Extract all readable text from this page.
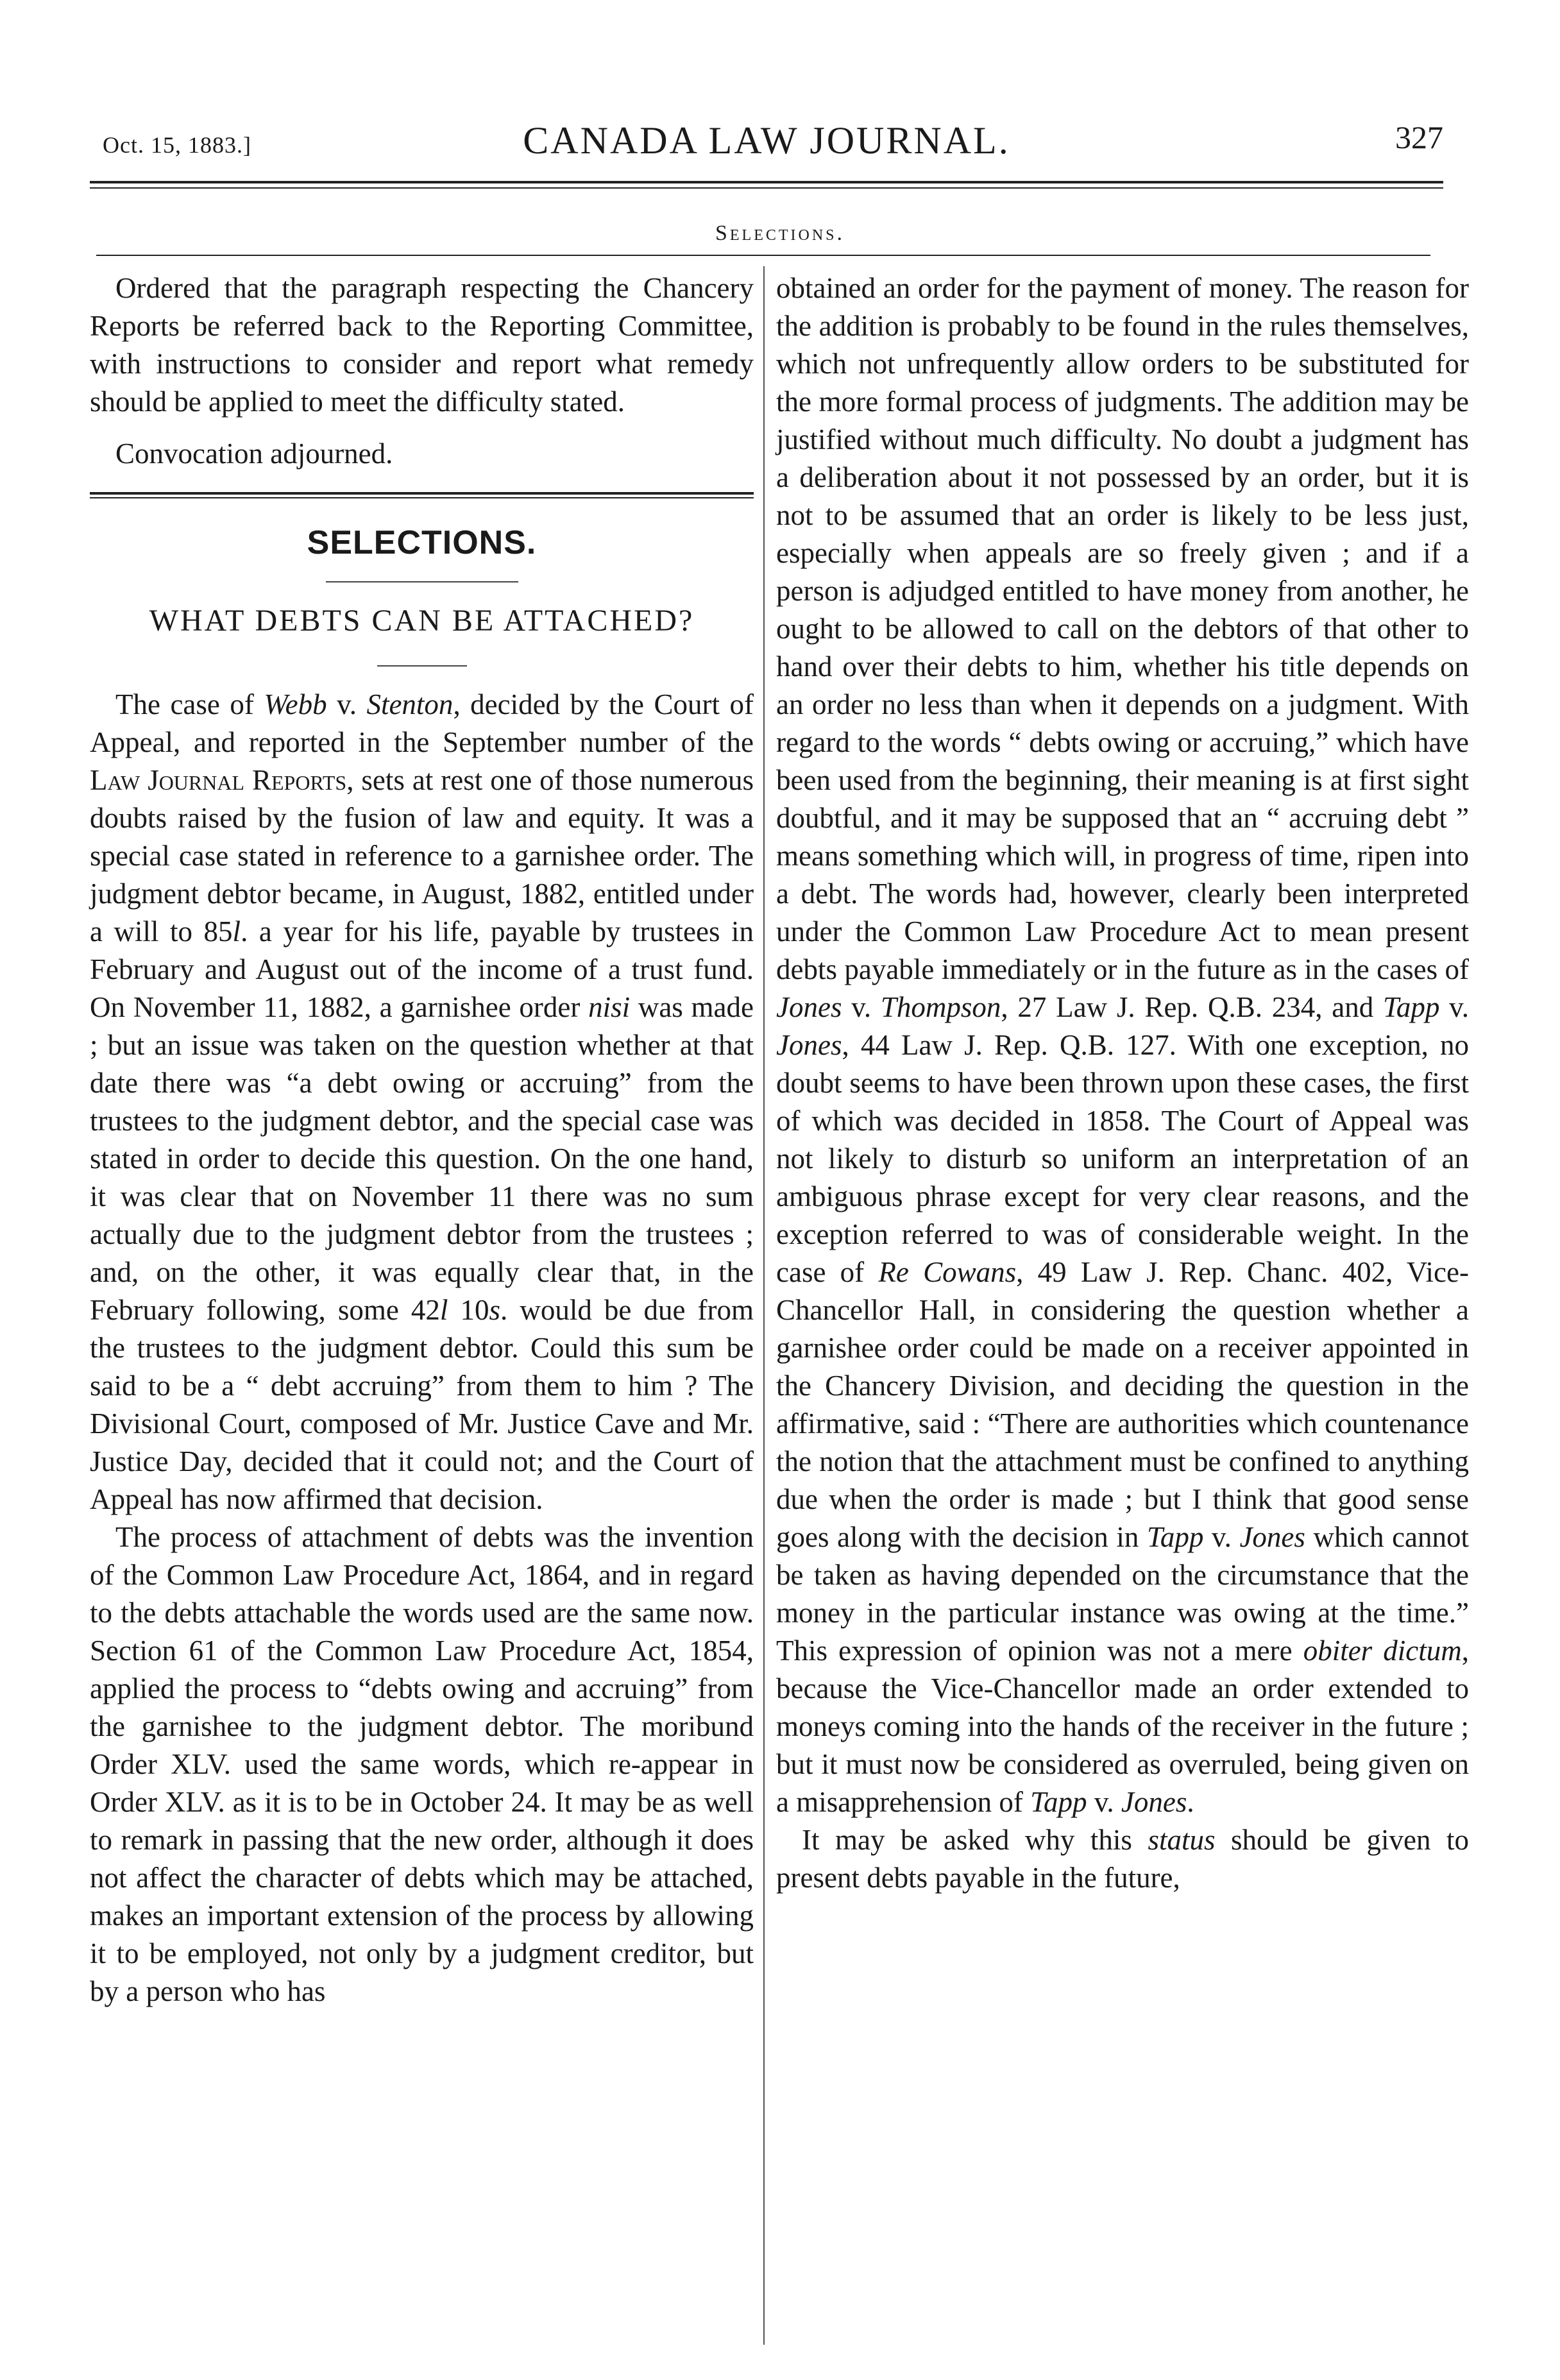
Oct. 15, 1883.]	CANADA LAW JOURNAL.	327
Selections.

Ordered that the paragraph respecting the Chancery Reports be referred back to the Reporting Committee, with instructions to consider and report what remedy should be applied to meet the difficulty stated.

Convocation adjourned.

SELECTIONS.
WHAT DEBTS CAN BE ATTACHED?

The case of Webb v. Stenton, decided by the Court of Appeal, and reported in the September number of the Law Journal Reports, sets at rest one of those numerous doubts raised by the fusion of law and equity. It was a special case stated in reference to a garnishee order. The judgment debtor became, in August, 1882, entitled under a will to 85l. a year for his life, payable by trustees in February and August out of the income of a trust fund. On November 11, 1882, a garnishee order nisi was made ; but an issue was taken on the question whether at that date there was “a debt owing or accruing” from the trustees to the judgment debtor, and the special case was stated in order to decide this question. On the one hand, it was clear that on November 11 there was no sum actually due to the judgment debtor from the trustees ; and, on the other, it was equally clear that, in the February following, some 42l 10s. would be due from the trustees to the judgment debtor. Could this sum be said to be a “ debt accruing” from them to him ? The Divisional Court, composed of Mr. Justice Cave and Mr. Justice Day, decided that it could not; and the Court of Appeal has now affirmed that decision.

The process of attachment of debts was the invention of the Common Law Procedure Act, 1864, and in regard to the debts attachable the words used are the same now. Section 61 of the Common Law Procedure Act, 1854, applied the process to “debts owing and accruing” from the garnishee to the judgment debtor. The moribund Order XLV. used the same words, which re-appear in Order XLV. as it is to be in October 24. It may be as well to remark in passing that the new order, although it does not affect the character of debts which may be attached, makes an important extension of the process by allowing it to be employed, not only by a judgment creditor, but by a person who has

obtained an order for the payment of money. The reason for the addition is probably to be found in the rules themselves, which not unfrequently allow orders to be substituted for the more formal process of judgments. The addition may be justified without much difficulty. No doubt a judgment has a deliberation about it not possessed by an order, but it is not to be assumed that an order is likely to be less just, especially when appeals are so freely given ; and if a person is adjudged entitled to have money from another, he ought to be allowed to call on the debtors of that other to hand over their debts to him, whether his title depends on an order no less than when it depends on a judgment. With regard to the words “ debts owing or accruing,” which have been used from the beginning, their meaning is at first sight doubtful, and it may be supposed that an “ accruing debt ” means something which will, in progress of time, ripen into a debt. The words had, however, clearly been interpreted under the Common Law Procedure Act to mean present debts payable immediately or in the future as in the cases of Jones v. Thompson, 27 Law J. Rep. Q.B. 234, and Tapp v. Jones, 44 Law J. Rep. Q.B. 127. With one exception, no doubt seems to have been thrown upon these cases, the first of which was decided in 1858. The Court of Appeal was not likely to disturb so uniform an interpretation of an ambiguous phrase except for very clear reasons, and the exception referred to was of considerable weight. In the case of Re Cowans, 49 Law J. Rep. Chanc. 402, Vice-Chancellor Hall, in considering the question whether a garnishee order could be made on a receiver appointed in the Chancery Division, and deciding the question in the affirmative, said : “There are authorities which countenance the notion that the attachment must be confined to anything due when the order is made ; but I think that good sense goes along with the decision in Tapp v. Jones which cannot be taken as having depended on the circumstance that the money in the particular instance was owing at the time.” This expression of opinion was not a mere obiter dictum, because the Vice-Chancellor made an order extended to moneys coming into the hands of the receiver in the future ; but it must now be considered as overruled, being given on a misapprehension of Tapp v. Jones.

It may be asked why this status should be given to present debts payable in the future,
